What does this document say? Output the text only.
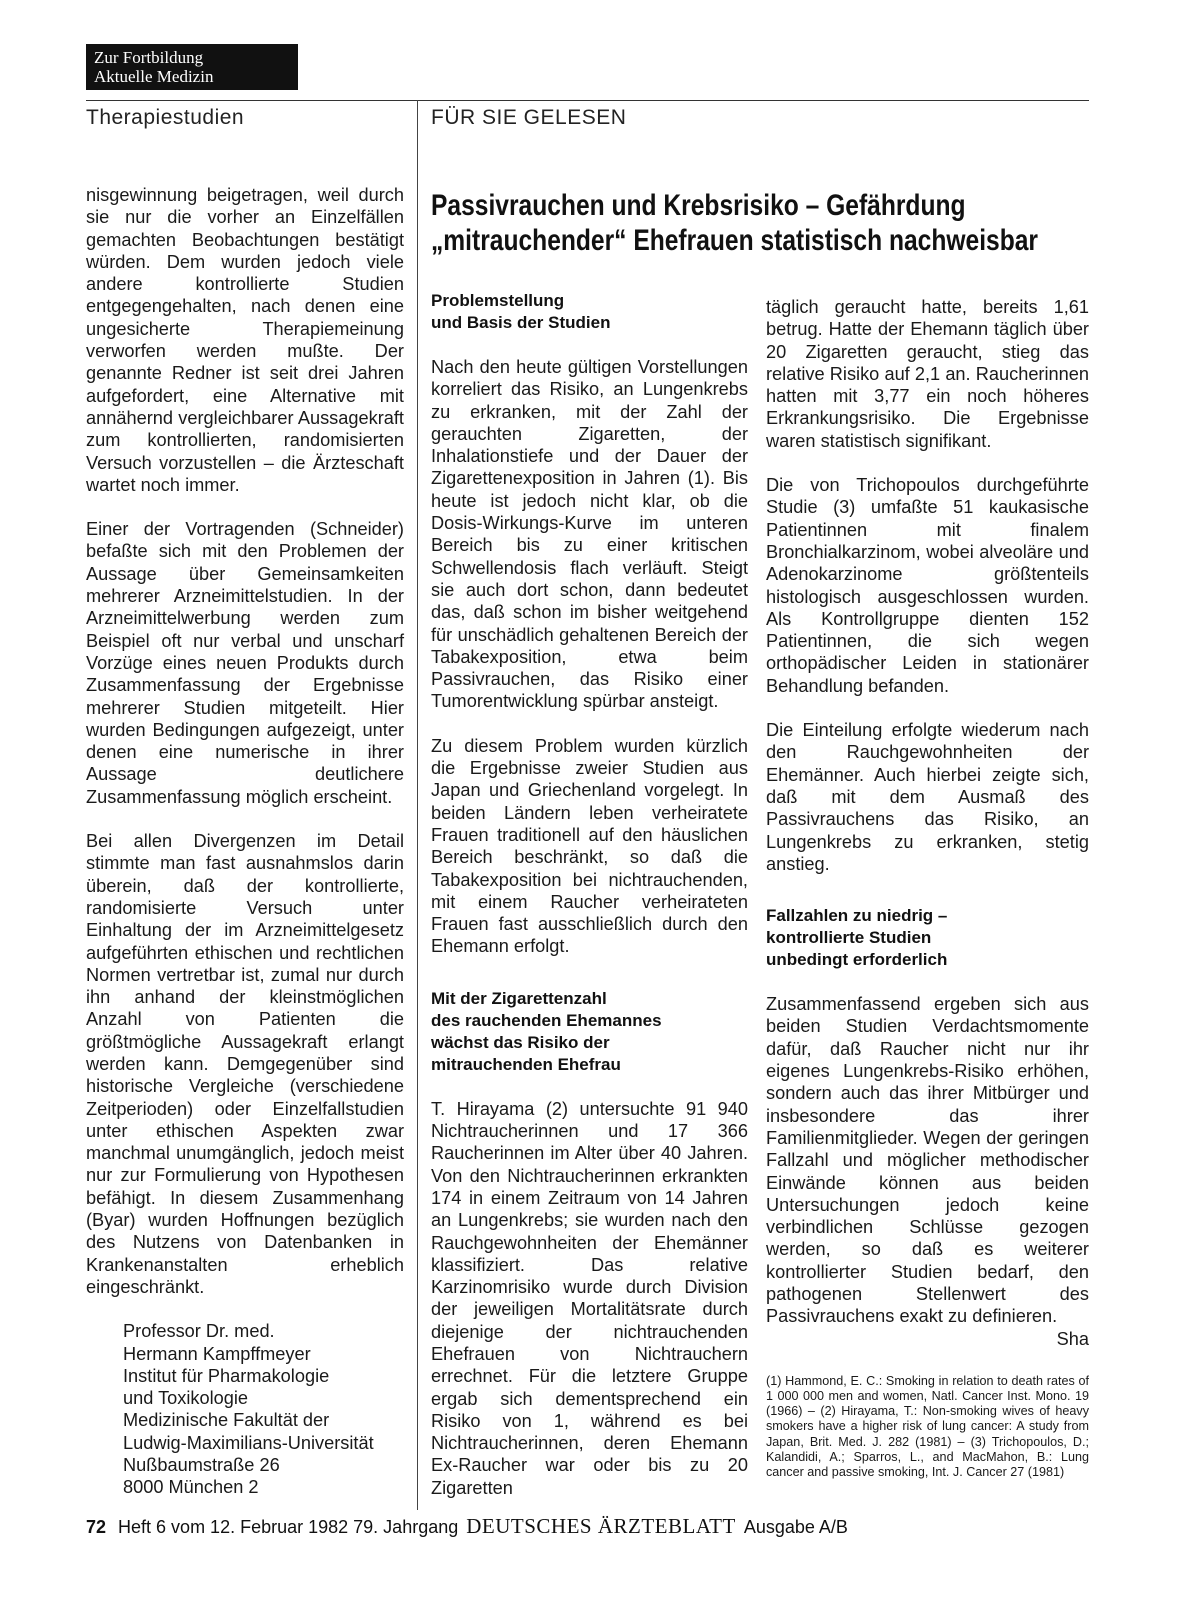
Zur Fortbildung
Aktuelle Medizin
Therapiestudien	FÜR SIE GELESEN
Passivrauchen und Krebsrisiko – Gefährdung
„mitrauchender“ Ehefrauen statistisch nachweisbar

nisgewinnung beigetragen, weil durch sie nur die vorher an Einzelfällen gemachten Beobachtungen bestätigt würden. Dem wurden jedoch viele andere kontrollierte Studien entgegengehalten, nach denen eine ungesicherte Therapiemeinung verworfen werden mußte. Der genannte Redner ist seit drei Jahren aufgefordert, eine Alternative mit annähernd vergleichbarer Aussagekraft zum kontrollierten, randomisierten Versuch vorzustellen – die Ärzteschaft wartet noch immer.

Einer der Vortragenden (Schneider) befaßte sich mit den Problemen der Aussage über Gemeinsamkeiten mehrerer Arzneimittelstudien. In der Arzneimittelwerbung werden zum Beispiel oft nur verbal und unscharf Vorzüge eines neuen Produkts durch Zusammenfassung der Ergebnisse mehrerer Studien mitgeteilt. Hier wurden Bedingungen aufgezeigt, unter denen eine numerische in ihrer Aussage deutlichere Zusammenfassung möglich erscheint.

Bei allen Divergenzen im Detail stimmte man fast ausnahmslos darin überein, daß der kontrollierte, randomisierte Versuch unter Einhaltung der im Arzneimittelgesetz aufgeführten ethischen und rechtlichen Normen vertretbar ist, zumal nur durch ihn anhand der kleinstmöglichen Anzahl von Patienten die größtmögliche Aussagekraft erlangt werden kann. Demgegenüber sind historische Vergleiche (verschiedene Zeitperioden) oder Einzelfallstudien unter ethischen Aspekten zwar manchmal unumgänglich, jedoch meist nur zur Formulierung von Hypothesen befähigt. In diesem Zusammenhang (Byar) wurden Hoffnungen bezüglich des Nutzens von Datenbanken in Krankenanstalten erheblich eingeschränkt.

Professor Dr. med.
Hermann Kampffmeyer
Institut für Pharmakologie
und Toxikologie
Medizinische Fakultät der
Ludwig-Maximilians-Universität
Nußbaumstraße 26
8000 München 2
Problemstellung
und Basis der Studien

Nach den heute gültigen Vorstellungen korreliert das Risiko, an Lungenkrebs zu erkranken, mit der Zahl der gerauchten Zigaretten, der Inhalationstiefe und der Dauer der Zigarettenexposition in Jahren (1). Bis heute ist jedoch nicht klar, ob die Dosis-Wirkungs-Kurve im unteren Bereich bis zu einer kritischen Schwellendosis flach verläuft. Steigt sie auch dort schon, dann bedeutet das, daß schon im bisher weitgehend für unschädlich gehaltenen Bereich der Tabakexposition, etwa beim Passivrauchen, das Risiko einer Tumorentwicklung spürbar ansteigt.

Zu diesem Problem wurden kürzlich die Ergebnisse zweier Studien aus Japan und Griechenland vorgelegt. In beiden Ländern leben verheiratete Frauen traditionell auf den häuslichen Bereich beschränkt, so daß die Tabakexposition bei nichtrauchenden, mit einem Raucher verheirateten Frauen fast ausschließlich durch den Ehemann erfolgt.

Mit der Zigarettenzahl
des rauchenden Ehemannes
wächst das Risiko der
mitrauchenden Ehefrau

T. Hirayama (2) untersuchte 91 940 Nichtraucherinnen und 17 366 Raucherinnen im Alter über 40 Jahren. Von den Nichtraucherinnen erkrankten 174 in einem Zeitraum von 14 Jahren an Lungenkrebs; sie wurden nach den Rauchgewohnheiten der Ehemänner klassifiziert. Das relative Karzinomrisiko wurde durch Division der jeweiligen Mortalitätsrate durch diejenige der nichtrauchenden Ehefrauen von Nichtrauchern errechnet. Für die letztere Gruppe ergab sich dementsprechend ein Risiko von 1, während es bei Nichtraucherinnen, deren Ehemann Ex-Raucher war oder bis zu 20 Zigaretten

täglich geraucht hatte, bereits 1,61 betrug. Hatte der Ehemann täglich über 20 Zigaretten geraucht, stieg das relative Risiko auf 2,1 an. Raucherinnen hatten mit 3,77 ein noch höheres Erkrankungsrisiko. Die Ergebnisse waren statistisch signifikant.

Die von Trichopoulos durchgeführte Studie (3) umfaßte 51 kaukasische Patientinnen mit finalem Bronchialkarzinom, wobei alveoläre und Adenokarzinome größtenteils histologisch ausgeschlossen wurden. Als Kontrollgruppe dienten 152 Patientinnen, die sich wegen orthopädischer Leiden in stationärer Behandlung befanden.

Die Einteilung erfolgte wiederum nach den Rauchgewohnheiten der Ehemänner. Auch hierbei zeigte sich, daß mit dem Ausmaß des Passivrauchens das Risiko, an Lungenkrebs zu erkranken, stetig anstieg.

Fallzahlen zu niedrig –
kontrollierte Studien
unbedingt erforderlich

Zusammenfassend ergeben sich aus beiden Studien Verdachtsmomente dafür, daß Raucher nicht nur ihr eigenes Lungenkrebs-Risiko erhöhen, sondern auch das ihrer Mitbürger und insbesondere das ihrer Familienmitglieder. Wegen der geringen Fallzahl und möglicher methodischer Einwände können aus beiden Untersuchungen jedoch keine verbindlichen Schlüsse gezogen werden, so daß es weiterer kontrollierter Studien bedarf, den pathogenen Stellenwert des Passivrauchens exakt zu definieren.
Sha

(1) Hammond, E. C.: Smoking in relation to death rates of 1 000 000 men and women, Natl. Cancer Inst. Mono. 19 (1966) – (2) Hirayama, T.: Non-smoking wives of heavy smokers have a higher risk of lung cancer: A study from Japan, Brit. Med. J. 282 (1981) – (3) Trichopoulos, D.; Kalandidi, A.; Sparros, L., and MacMahon, B.: Lung cancer and passive smoking, Int. J. Cancer 27 (1981)

72 Heft 6 vom 12. Februar 1982 79. Jahrgang DEUTSCHES ÄRZTEBLATT Ausgabe A/B
